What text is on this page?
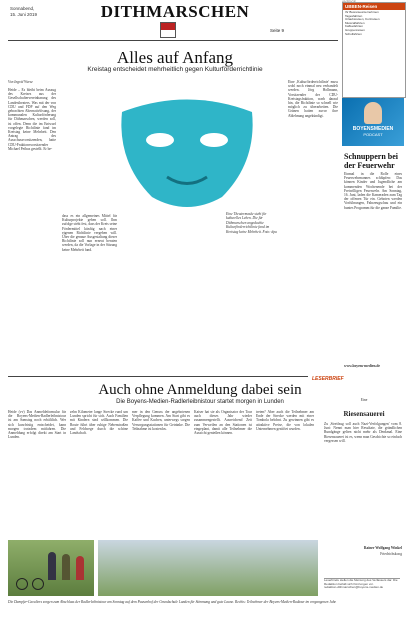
Sonnabend,
15. Juni 2019	DITHMARSCHEN
Seite 9
UBBEN-Reisen
Ihr Busreiseunternehmen
Tagesfahrten
Urlaubsreisen, Kurzreisen
Musicalfahrten
Kaffeefahrten
Gruppenreisen
Schulfahrten
BOYENSMEDIEN
PODCAST
Alles auf Anfang
Kreistag entscheidet mehrheitlich gegen Kulturförderrichtlinie
Von Ingrid Weese
Heide – Es bleibt beim Auszug des Kreises aus der Gesellschaftervereinbarung des Landestheaters. Was mit der von CDU und FDP auf den Weg gebrachten Alternativlösung, der kommunalen Kulturförderung für Dithmarschen, werden soll, ist offen. Denn die im Entwurf vorgelegte Richtlinie fand im Kreistag keine Mehrheit. Den Antrag des Ausschussvorsitzenden, hatte CDU-Fraktionsvorsitzender Michael Peibus gestellt. Er be-
Eine Theatermaske steht für kulturelles Leben. Die für Dithmarschen angedachte Kulturförderrichtlinie fand im Kreistag keine Mehrheit. Foto: dpa
dass es ein allgemeines Mittel für Kulturprojekte geben soll. Ihm zufolge steht fest, dass der Kreis seine Fördermittel künftig nach einer eigenen Richtlinie vergeben will. Über die genaue Ausgestaltung dieser Richtlinie soll nun erneut beraten werden, da die Vorlage in der Sitzung keine Mehrheit fand.
Eine ,Kulturförderrichtlinie' muss wohl noch einmal neu verhandelt werden. Jörg Hollmann, Vorsitzender der CDU-Kreistagsfraktion, warb darauf hin, die Richtlinie so schnell wie möglich zu überarbeiten. Die Grünen hatten zuvor ihre Ablehnung angekündigt.
Schnuppern bei der Feuerwehr
Einmal in die Rolle eines Feuerwehrmannes schlüpfen: Das können Kinder und Jugendliche am kommenden Wochenende bei der Freiwilligen Feuerwehr. Am Sonntag, 16. Juni, laden die Kameraden zum Tag der offenen Tür ein. Geboten werden Vorführungen, Fahrzeugschau und ein buntes Programm für die ganze Familie.
www.boyens-medien.de
LESERBRIEF
Auch ohne Anmeldung dabei sein
Die Boyens-Medien-Radlerleibnistour startet morgen in Lunden
Heide (vv) Das Anmeldeformular für die Boyens-Medien-Radlerleibnistour ist am Samstag noch erhältlich. Wer sich kurzfristig entscheidet, kann morgen trotzdem mitfahren. Die Anmeldung erfolgt direkt am Start in Lunden.
zehn Kilometer lange Strecke rund um Lunden spricht für sich. Auch Familien mit Kindern sind willkommen. Die Route führt über ruhige Nebenstraßen und Feldwege durch die schöne Landschaft.
mer in den Genuss der angebotenen Verpflegung kommen. Am Start gibt es Kaffee und Kuchen, unterwegs sorgen Versorgungsstationen für Getränke. Die Teilnahme ist kostenlos.
Kaiser hat sie als Organisator der Tour auch dieses Jahr wieder zusammengestellt. Ausreichend Zeit zum Verweilen an den Stationen ist eingeplant, damit alle Teilnehmer die Aussicht genießen können.
treten? Aber auch die Teilnehmer am Ende der Strecke werden mit einer Tombola belohnt. Zu gewinnen gibt es attraktive Preise, die von lokalen Unternehmen gestiftet wurden.
Die Dampfer-Cavaliers sorgen zum Abschluss der Radlerleibnistour am Sonntag auf dem Pausenhof der Grundschule Lunden für Stimmung und gute Laune. Rechts: Teilnehmer der Boyens-Medien-Radtour im vergangenen Jahr.
Eine
Riesensauerei
Zu ,Streifzug soll auch Nazi-Verfolgungen' vom 8. Juni: Nennt man hier Resultate, die gründlichen Rundgänge gelten nicht mehr als Denkmal. Eine Riesensauerei ist es, wenn man Geschichte so einfach vergessen will.
Rainer Wolfgang Winkel
Friedrichskoog
Leserbriefe stellen die Meinung des Verfassers dar. Die Redaktion behält sich Kürzungen vor.
redaktion-dithmarschen@boyens-medien.de
